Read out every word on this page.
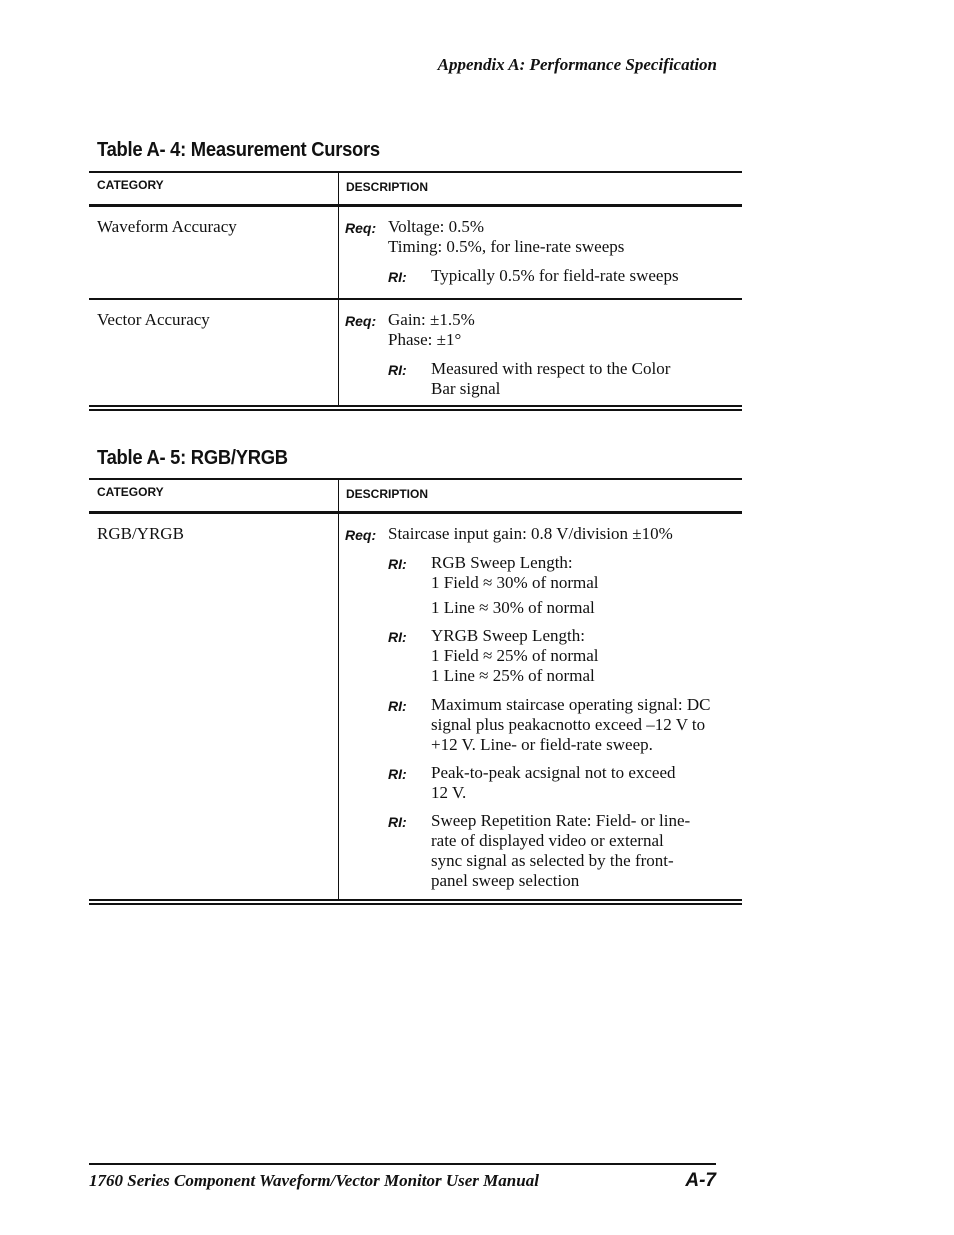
Appendix A: Performance Specification
Table A- 4: Measurement Cursors
CATEGORY	DESCRIPTION
Waveform Accuracy	Req: Voltage: 0.5%
Timing: 0.5%, for line-rate sweeps
RI:	Typically 0.5% for field-rate sweeps
Vector Accuracy	Req: Gain: ±1.5%
Phase: ±1°
RI:	Measured with respect to the Color
Bar signal
Table A- 5: RGB/YRGB
CATEGORY	DESCRIPTION
RGB/YRGB	Req: Staircase input gain: 0.8 V/division ±10%
RI:	RGB Sweep Length:
1 Field ≈ 30% of normal
1 Line ≈ 30% of normal
RI:	YRGB Sweep Length:
1 Field ≈ 25% of normal
1 Line ≈ 25% of normal
RI:	Maximum staircase operating signal: DC
signal plus peakacnotto exceed –12 V to
+12 V. Line- or field-rate sweep.
RI:	Peak-to-peak acsignal not to exceed
12 V.
RI:	Sweep Repetition Rate: Field- or line-
rate of displayed video or external
sync signal as selected by the front-
panel sweep selection
1760 Series Component Waveform/Vector Monitor User Manual	A-7
